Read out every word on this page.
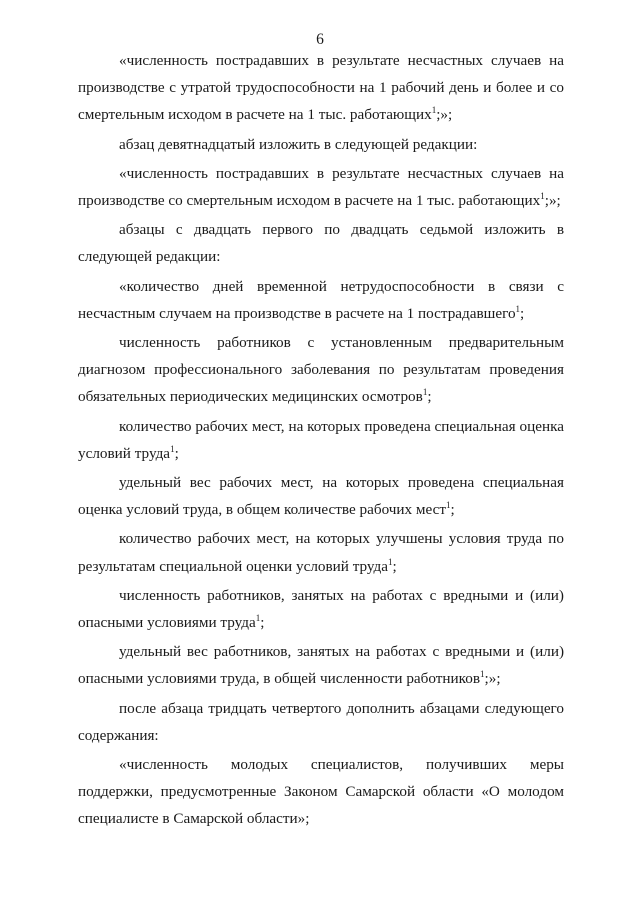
6

«численность пострадавших в результате несчастных случаев на производстве с утратой трудоспособности на 1 рабочий день и более и со смертельным исходом в расчете на 1 тыс. работающих$^1$;»;

абзац девятнадцатый изложить в следующей редакции:

«численность пострадавших в результате несчастных случаев на производстве со смертельным исходом в расчете на 1 тыс. работающих$^1$;»;

абзацы с двадцать первого по двадцать седьмой изложить в следующей редакции:

«количество дней временной нетрудоспособности в связи с несчастным случаем на производстве в расчете на 1 пострадавшего$^1$;

численность работников с установленным предварительным диагнозом профессионального заболевания по результатам проведения обязательных периодических медицинских осмотров$^1$;

количество рабочих мест, на которых проведена специальная оценка условий труда$^1$;

удельный вес рабочих мест, на которых проведена специальная оценка условий труда, в общем количестве рабочих мест$^1$;

количество рабочих мест, на которых улучшены условия труда по результатам специальной оценки условий труда$^1$;

численность работников, занятых на работах с вредными и (или) опасными условиями труда$^1$;

удельный вес работников, занятых на работах с вредными и (или) опасными условиями труда, в общей численности работников$^1$;»;

после абзаца тридцать четвертого дополнить абзацами следующего содержания:

«численность молодых специалистов, получивших меры поддержки, предусмотренные Законом Самарской области «О молодом специалисте в Самарской области»;
